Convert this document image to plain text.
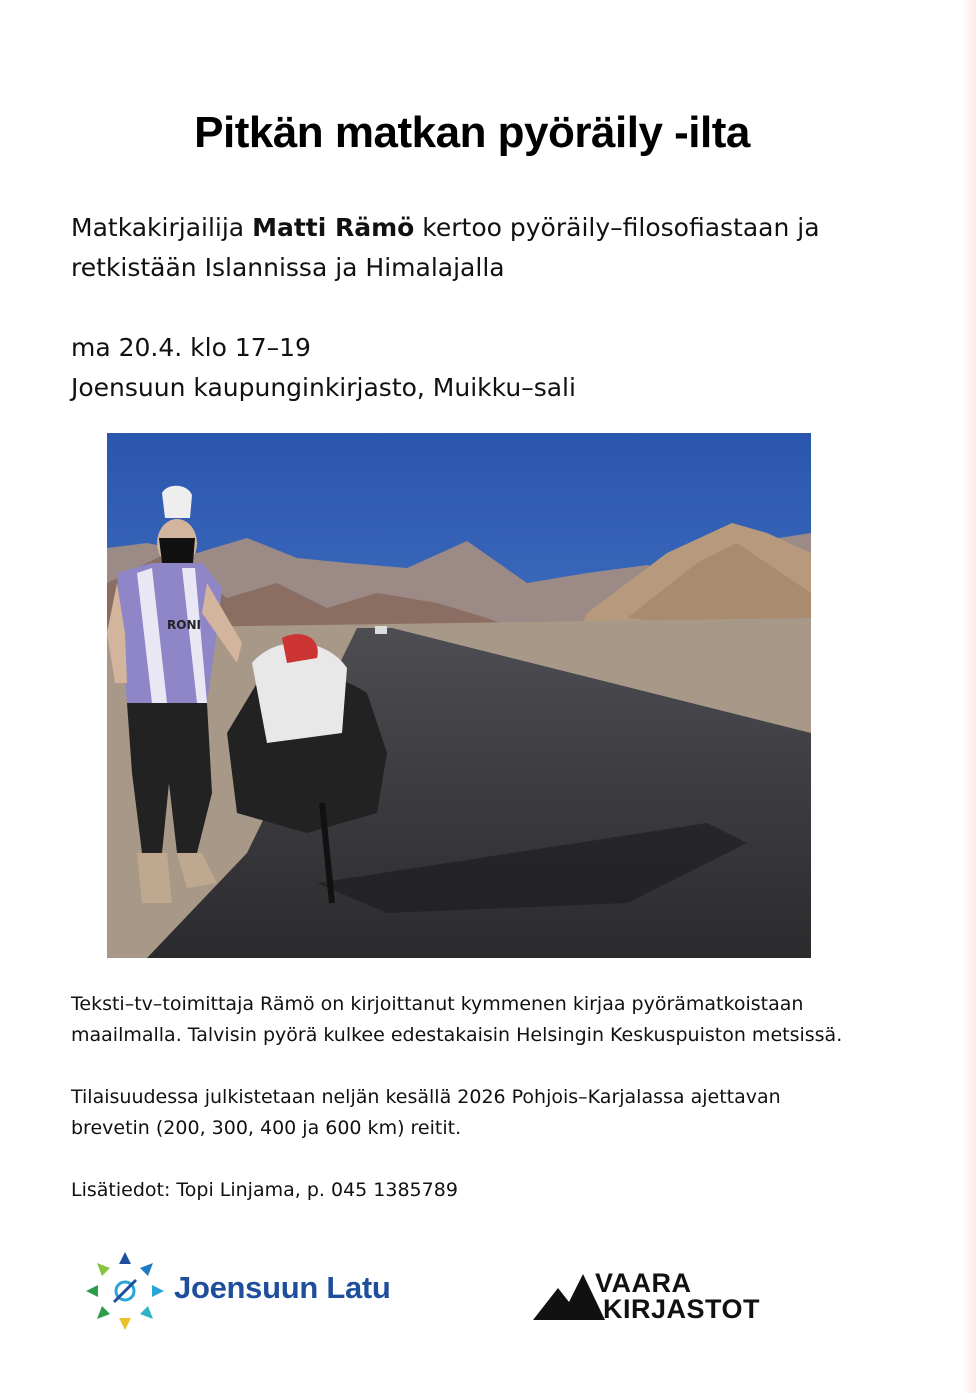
Pitkän matkan pyöräily -ilta
Matkakirjailija Matti Rämö kertoo pyöräily–filosofiastaan ja
retkistään Islannissa ja Himalajalla
ma 20.4. klo 17–19
Joensuun kaupunginkirjasto, Muikku–sali
RONI
Teksti–tv–toimittaja Rämö on kirjoittanut kymmenen kirjaa pyörämatkoistaan
maailmalla. Talvisin pyörä kulkee edestakaisin Helsingin Keskuspuiston metsissä.
Tilaisuudessa julkistetaan neljän kesällä 2026 Pohjois–Karjalassa ajettavan
brevetin (200, 300, 400 ja 600 km) reitit.
Lisätiedot: Topi Linjama, p. 045 1385789
Joensuun Latu	VAARA
KIRJASTOT
